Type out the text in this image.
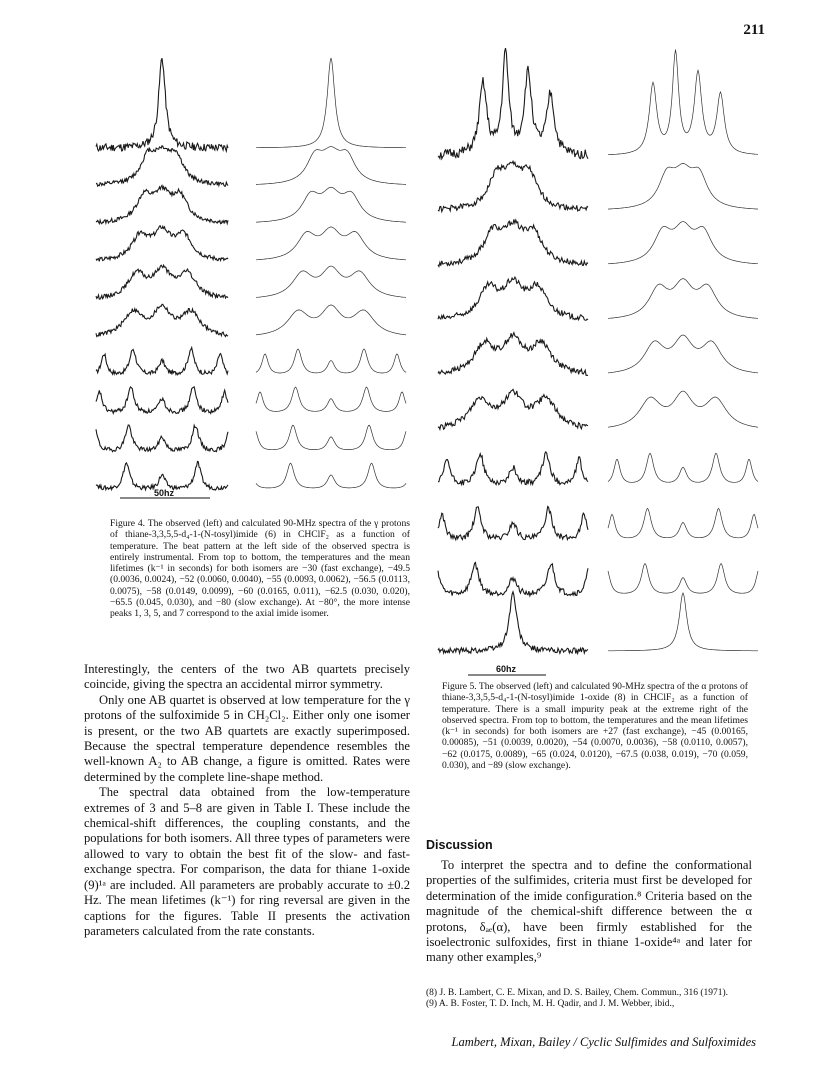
211
50hz
Figure 4. The observed (left) and calculated 90-MHz spectra of the γ protons of thiane-3,3,5,5-d₄-1-(N-tosyl)imide (6) in CHClF₂ as a function of temperature. The beat pattern at the left side of the observed spectra is entirely instrumental. From top to bottom, the temperatures and the mean lifetimes (k⁻¹ in seconds) for both isomers are −30 (fast exchange), −49.5 (0.0036, 0.0024), −52 (0.0060, 0.0040), −55 (0.0093, 0.0062), −56.5 (0.0113, 0.0075), −58 (0.0149, 0.0099), −60 (0.0165, 0.011), −62.5 (0.030, 0.020), −65.5 (0.045, 0.030), and −80 (slow exchange). At −80°, the more intense peaks 1, 3, 5, and 7 correspond to the axial imide isomer.
60hz
Figure 5. The observed (left) and calculated 90-MHz spectra of the α protons of thiane-3,3,5,5-d₄-1-(N-tosyl)imide 1-oxide (8) in CHClF₂ as a function of temperature. There is a small impurity peak at the extreme right of the observed spectra. From top to bottom, the temperatures and the mean lifetimes (k⁻¹ in seconds) for both isomers are +27 (fast exchange), −45 (0.00165, 0.00085), −51 (0.0039, 0.0020), −54 (0.0070, 0.0036), −58 (0.0110, 0.0057), −62 (0.0175, 0.0089), −65 (0.024, 0.0120), −67.5 (0.038, 0.019), −70 (0.059, 0.030), and −89 (slow exchange).

Interestingly, the centers of the two AB quartets precisely coincide, giving the spectra an accidental mirror symmetry.

Only one AB quartet is observed at low temperature for the γ protons of the sulfoximide 5 in CH₂Cl₂. Either only one isomer is present, or the two AB quartets are exactly superimposed. Because the spectral temperature dependence resembles the well-known A₂ to AB change, a figure is omitted. Rates were determined by the complete line-shape method.

The spectral data obtained from the low-temperature extremes of 3 and 5–8 are given in Table I. These include the chemical-shift differences, the coupling constants, and the populations for both isomers. All three types of parameters were allowed to vary to obtain the best fit of the slow- and fast-exchange spectra. For comparison, the data for thiane 1-oxide (9)¹ᵃ are included. All parameters are probably accurate to ±0.2 Hz. The mean lifetimes (k⁻¹) for ring reversal are given in the captions for the figures. Table II presents the activation parameters calculated from the rate constants.

Discussion

To interpret the spectra and to define the conformational properties of the sulfimides, criteria must first be developed for determination of the imide configuration.⁸ Criteria based on the magnitude of the chemical-shift difference between the α protons, δₐₑ(α), have been firmly established for the isoelectronic sulfoxides, first in thiane 1-oxide⁴ᵃ and later for many other examples,⁹

(8) J. B. Lambert, C. E. Mixan, and D. S. Bailey, Chem. Commun., 316 (1971).
(9) A. B. Foster, T. D. Inch, M. H. Qadir, and J. M. Webber, ibid.,
Lambert, Mixan, Bailey / Cyclic Sulfimides and Sulfoximides
